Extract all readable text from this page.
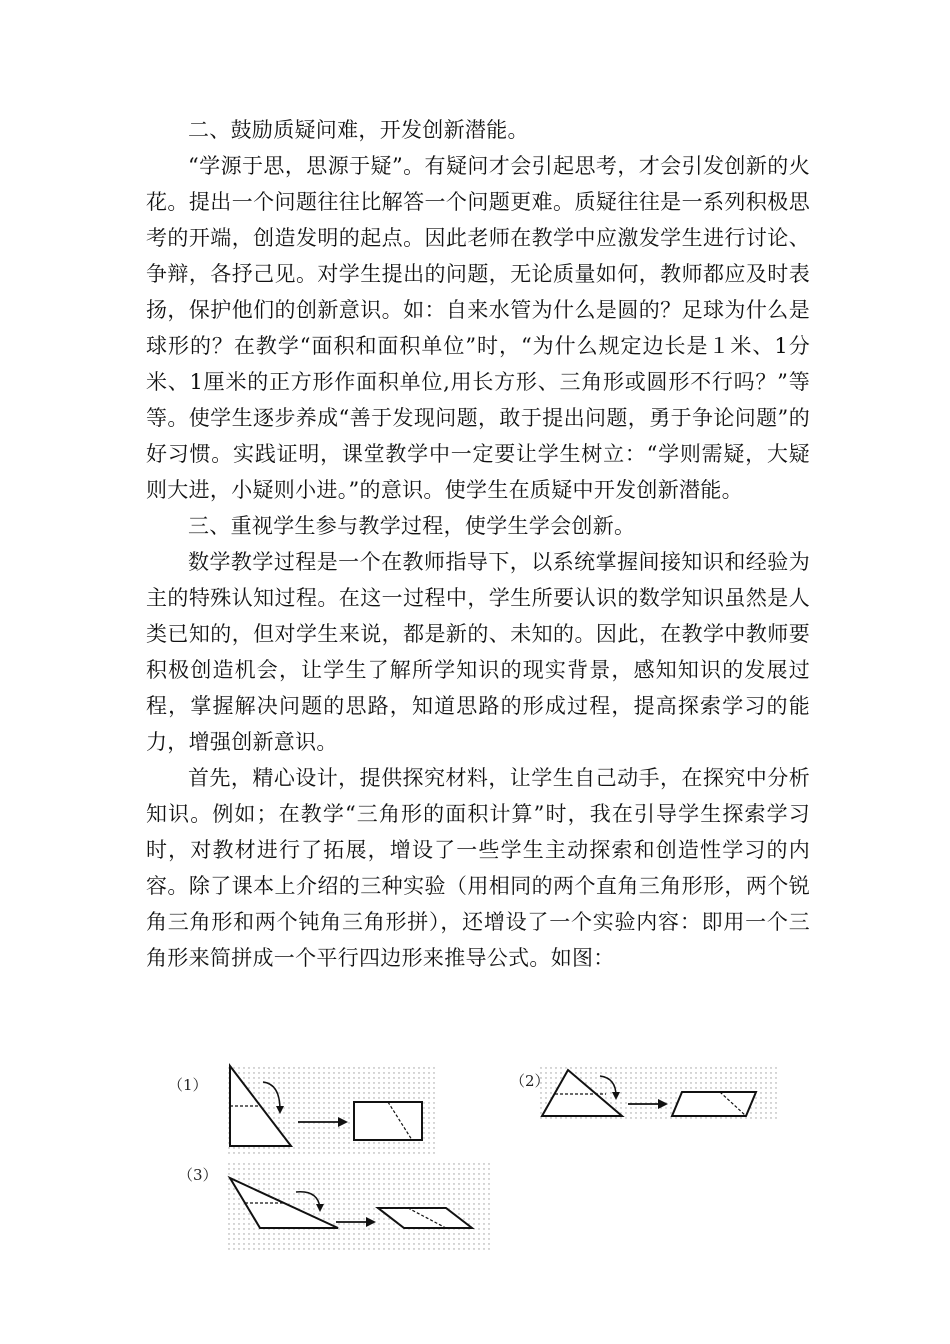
二、鼓励质疑问难，开发创新潜能。

“学源于思，思源于疑”。有疑问才会引起思考，才会引发创新的火花。提出一个问题往往比解答一个问题更难。质疑往往是一系列积极思考的开端，创造发明的起点。因此老师在教学中应激发学生进行讨论、争辩，各抒己见。对学生提出的问题，无论质量如何，教师都应及时表扬，保护他们的创新意识。如：自来水管为什么是圆的？足球为什么是球形的？在教学“面积和面积单位”时，“为什么规定边长是１米、1分米、1厘米的正方形作面积单位,用长方形、三角形或圆形不行吗？”等等。使学生逐步养成“善于发现问题，敢于提出问题，勇于争论问题”的好习惯。实践证明，课堂教学中一定要让学生树立：“学则需疑，大疑则大进，小疑则小进。”的意识。使学生在质疑中开发创新潜能。

三、重视学生参与教学过程，使学生学会创新。

数学教学过程是一个在教师指导下，以系统掌握间接知识和经验为主的特殊认知过程。在这一过程中，学生所要认识的数学知识虽然是人类已知的，但对学生来说，都是新的、未知的。因此，在教学中教师要积极创造机会，让学生了解所学知识的现实背景，感知知识的发展过程，掌握解决问题的思路，知道思路的形成过程，提高探索学习的能力，增强创新意识。

首先，精心设计，提供探究材料，让学生自己动手，在探究中分析知识。例如；在教学“三角形的面积计算”时，我在引导学生探索学习时，对教材进行了拓展，增设了一些学生主动探索和创造性学习的内容。除了课本上介绍的三种实验（用相同的两个直角三角形形，两个锐角三角形和两个钝角三角形拼），还增设了一个实验内容：即用一个三角形来简拼成一个平行四边形来推导公式。如图：

（1）	（2）
（3）
